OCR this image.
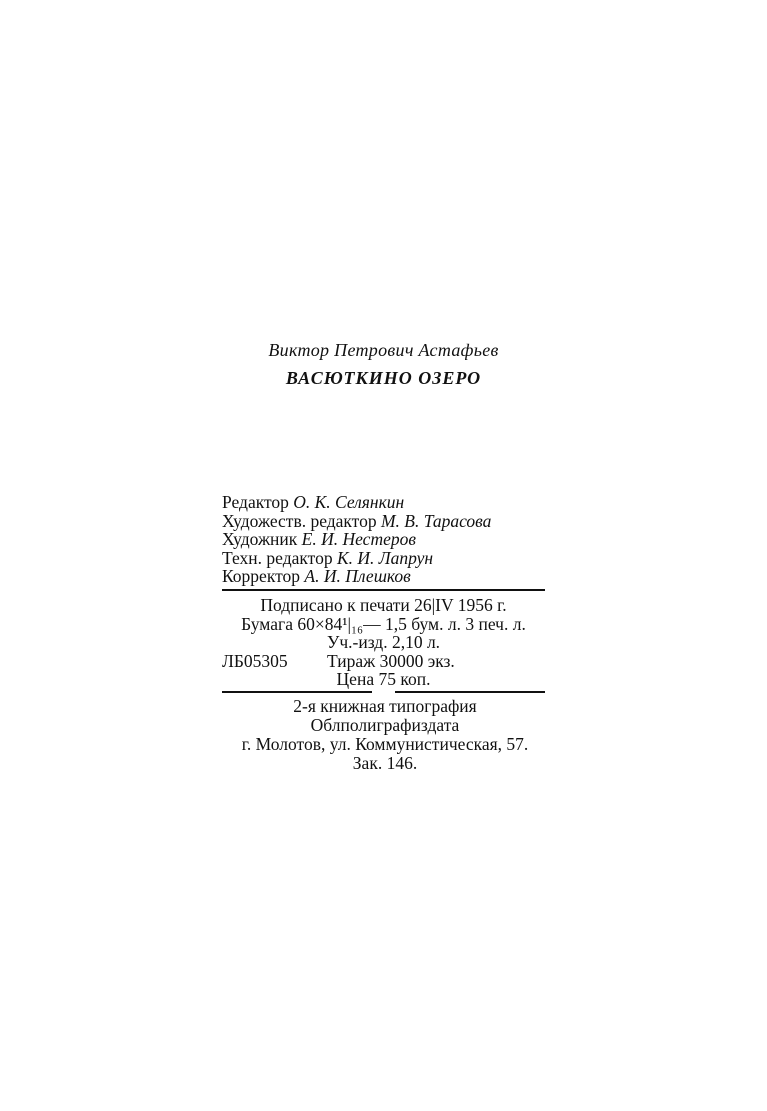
Виктор Петрович Астафьев
ВАСЮТКИНО ОЗЕРО
Редактор О. К. Селянкин
Художеств. редактор М. В. Тарасова
Художник Е. И. Нестеров
Техн. редактор К. И. Лапрун
Корректор А. И. Плешков
Подписано к печати 26|IV 1956 г.
Бумага 60×84¹|₁₆— 1,5 бум. л. 3 печ. л.
Уч.-изд. 2,10 л.
ЛБ05305	Тираж 30000 экз.
Цена 75 коп.
2-я книжная типография
Облполиграфиздата
г. Молотов, ул. Коммунистическая, 57.
Зак. 146.
